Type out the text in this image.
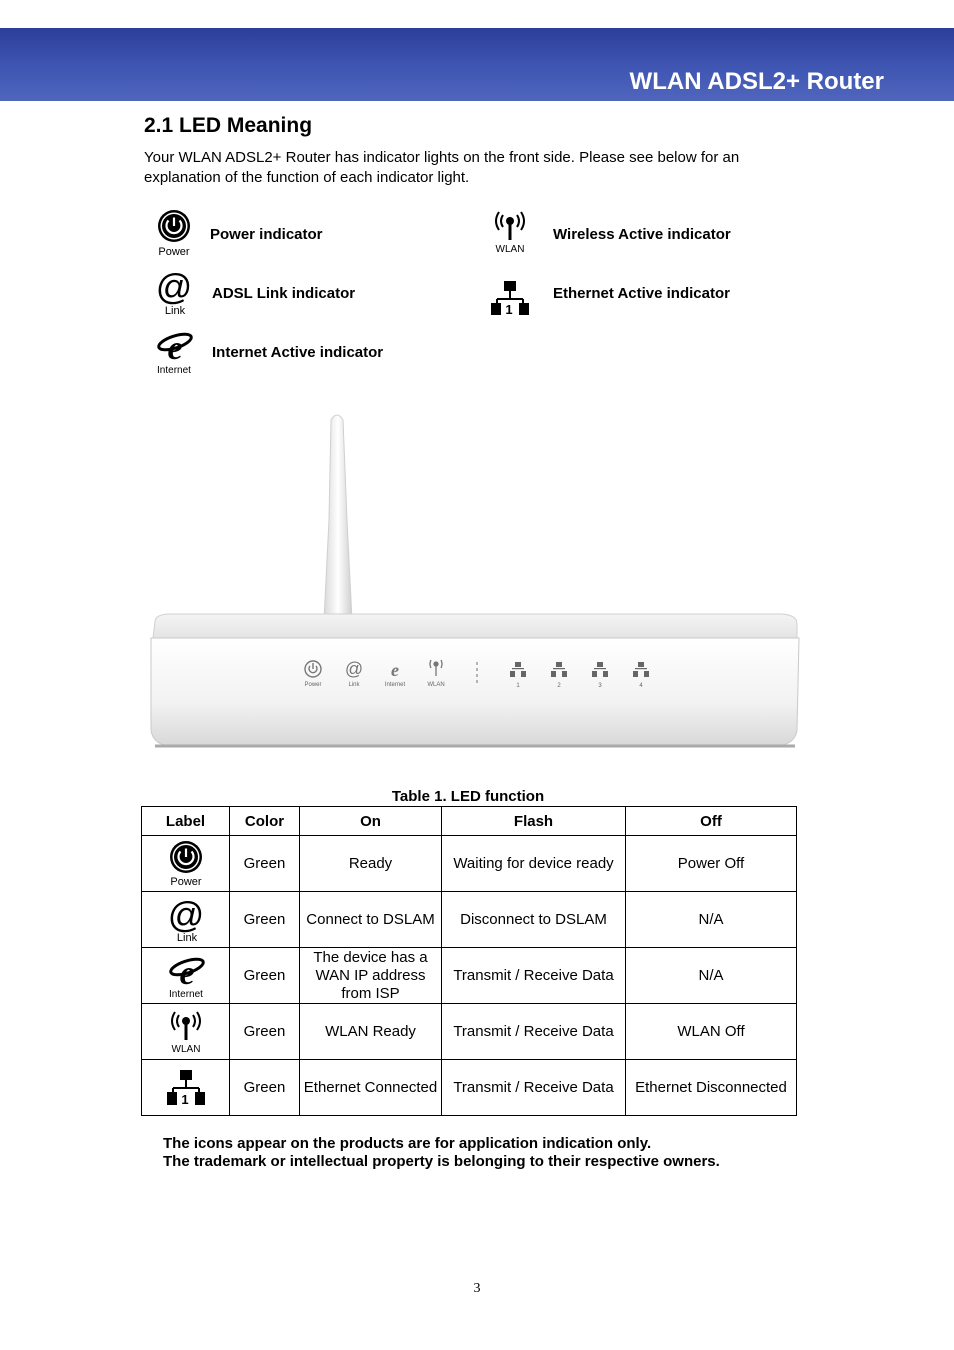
WLAN ADSL2+ Router
2.1 LED Meaning
Your WLAN ADSL2+ Router has indicator lights on the front side. Please see below for an
explanation of the function of each indicator light.
Power
Power indicator
@
Link
ADSL Link indicator
e
Internet
Internet Active indicator
WLAN
Wireless Active indicator
1
Ethernet Active indicator
@ e
Power	Link	Internet	WLAN	1	2	3	4
Table 1. LED function
Label	Color	On	Flash	Off

Power	Green	Ready	Waiting for device ready	Power Off

@
Link	Green	Connect to DSLAM	Disconnect to DSLAM	N/A

e
Internet	Green	The device has a WAN IP address from ISP	Transmit / Receive Data	N/A

WLAN	Green	WLAN Ready	Transmit / Receive Data	WLAN Off

1	Green	Ethernet Connected	Transmit / Receive Data	Ethernet Disconnected
The icons appear on the products are for application indication only.
The trademark or intellectual property is belonging to their respective owners.
3
